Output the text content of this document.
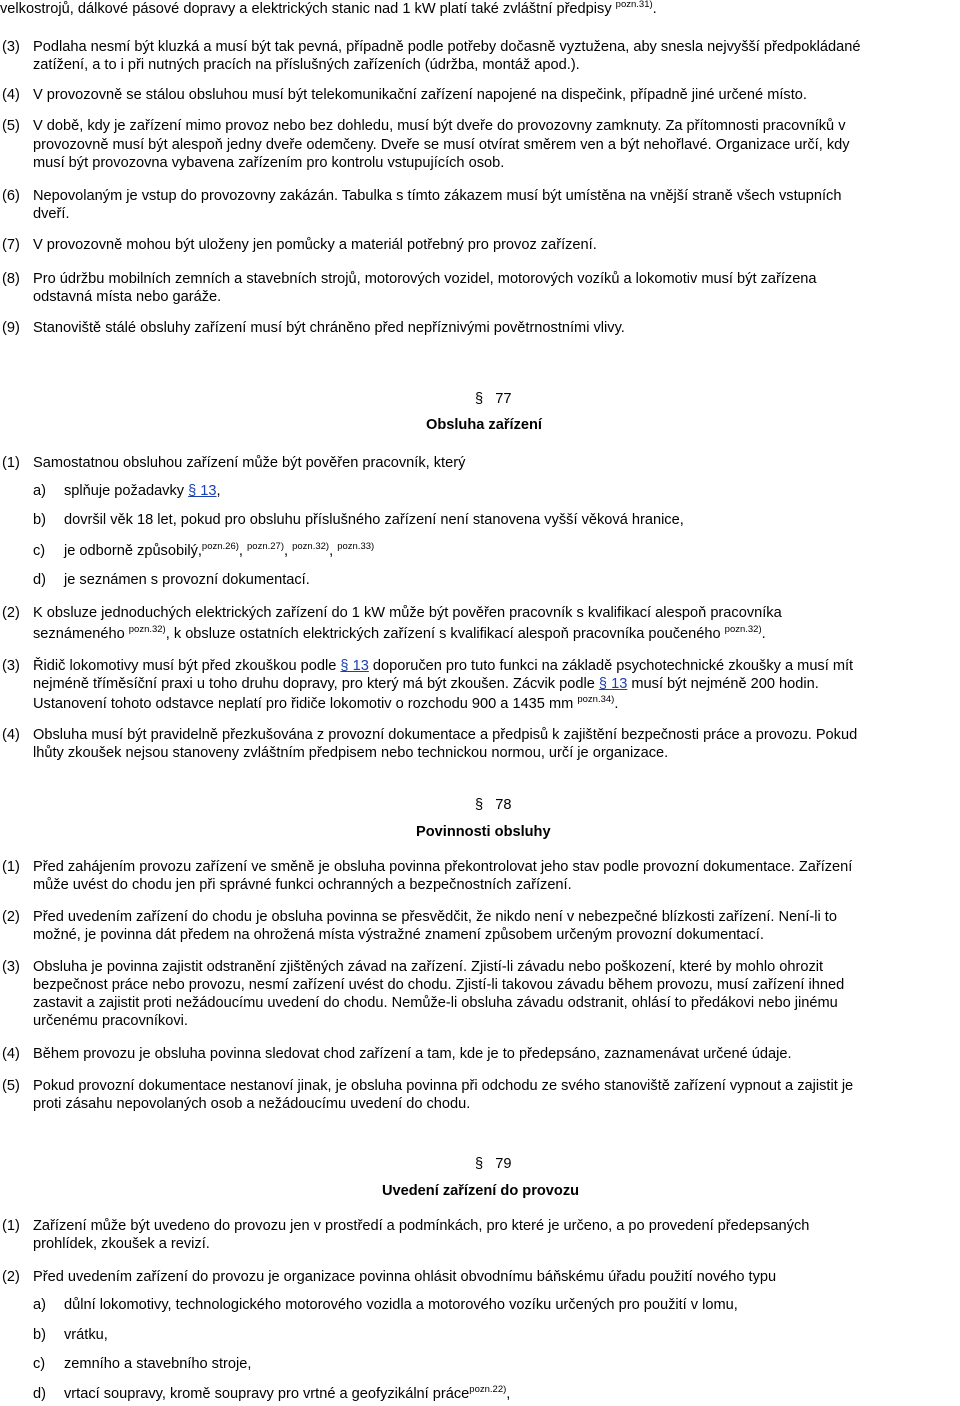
velkostrojů, dálkové pásové dopravy a elektrických stanic nad 1 kW platí také zvláštní předpisy $^{pozn.31)}$.
(3) Podlaha nesmí být kluzká a musí být tak pevná, případně podle potřeby dočasně vyztužena, aby snesla nejvyšší předpokládané
zatížení, a to i při nutných pracích na příslušných zařízeních (údržba, montáž apod.).
(4) V provozovně se stálou obsluhou musí být telekomunikační zařízení napojené na dispečink, případně jiné určené místo.
(5) V době, kdy je zařízení mimo provoz nebo bez dohledu, musí být dveře do provozovny zamknuty. Za přítomnosti pracovníků v
provozovně musí být alespoň jedny dveře odemčeny. Dveře se musí otvírat směrem ven a být nehořlavé. Organizace určí, kdy
musí být provozovna vybavena zařízením pro kontrolu vstupujících osob.
(6) Nepovolaným je vstup do provozovny zakázán. Tabulka s tímto zákazem musí být umístěna na vnější straně všech vstupních
dveří.
(7) V provozovně mohou být uloženy jen pomůcky a materiál potřebný pro provoz zařízení.
(8) Pro údržbu mobilních zemních a stavebních strojů, motorových vozidel, motorových vozíků a lokomotiv musí být zařízena
odstavná místa nebo garáže.
(9) Stanoviště stálé obsluhy zařízení musí být chráněno před nepříznivými povětrnostními vlivy.
§ 77
Obsluha zařízení
(1) Samostatnou obsluhou zařízení může být pověřen pracovník, který
a) splňuje požadavky § 13,
b) dovršil věk 18 let, pokud pro obsluhu příslušného zařízení není stanovena vyšší věková hranice,
c) je odborně způsobilý,$^{pozn.26)}$, $^{pozn.27)}$, $^{pozn.32)}$, $^{pozn.33)}$
d) je seznámen s provozní dokumentací.
(2) K obsluze jednoduchých elektrických zařízení do 1 kW může být pověřen pracovník s kvalifikací alespoň pracovníka
seznámeného $^{pozn.32)}$, k obsluze ostatních elektrických zařízení s kvalifikací alespoň pracovníka poučeného $^{pozn.32)}$.
(3) Řidič lokomotivy musí být před zkouškou podle § 13 doporučen pro tuto funkci na základě psychotechnické zkoušky a musí mít
nejméně tříměsíční praxi u toho druhu dopravy, pro který má být zkoušen. Zácvik podle § 13 musí být nejméně 200 hodin.
Ustanovení tohoto odstavce neplatí pro řidiče lokomotiv o rozchodu 900 a 1435 mm $^{pozn.34)}$.
(4) Obsluha musí být pravidelně přezkušována z provozní dokumentace a předpisů k zajištění bezpečnosti práce a provozu. Pokud
lhůty zkoušek nejsou stanoveny zvláštním předpisem nebo technickou normou, určí je organizace.
§ 78
Povinnosti obsluhy
(1) Před zahájením provozu zařízení ve směně je obsluha povinna překontrolovat jeho stav podle provozní dokumentace. Zařízení
může uvést do chodu jen při správné funkci ochranných a bezpečnostních zařízení.
(2) Před uvedením zařízení do chodu je obsluha povinna se přesvědčit, že nikdo není v nebezpečné blízkosti zařízení. Není-li to
možné, je povinna dát předem na ohrožená místa výstražné znamení způsobem určeným provozní dokumentací.
(3) Obsluha je povinna zajistit odstranění zjištěných závad na zařízení. Zjistí-li závadu nebo poškození, které by mohlo ohrozit
bezpečnost práce nebo provozu, nesmí zařízení uvést do chodu. Zjistí-li takovou závadu během provozu, musí zařízení ihned
zastavit a zajistit proti nežádoucímu uvedení do chodu. Nemůže-li obsluha závadu odstranit, ohlásí to předákovi nebo jinému
určenému pracovníkovi.
(4) Během provozu je obsluha povinna sledovat chod zařízení a tam, kde je to předepsáno, zaznamenávat určené údaje.
(5) Pokud provozní dokumentace nestanoví jinak, je obsluha povinna při odchodu ze svého stanoviště zařízení vypnout a zajistit je
proti zásahu nepovolaných osob a nežádoucímu uvedení do chodu.
§ 79
Uvedení zařízení do provozu
(1) Zařízení může být uvedeno do provozu jen v prostředí a podmínkách, pro které je určeno, a po provedení předepsaných
prohlídek, zkoušek a revizí.
(2) Před uvedením zařízení do provozu je organizace povinna ohlásit obvodnímu báňskému úřadu použití nového typu
a) důlní lokomotivy, technologického motorového vozidla a motorového vozíku určených pro použití v lomu,
b) vrátku,
c) zemního a stavebního stroje,
d) vrtací soupravy, kromě soupravy pro vrtné a geofyzikální práce$^{pozn.22)}$,
